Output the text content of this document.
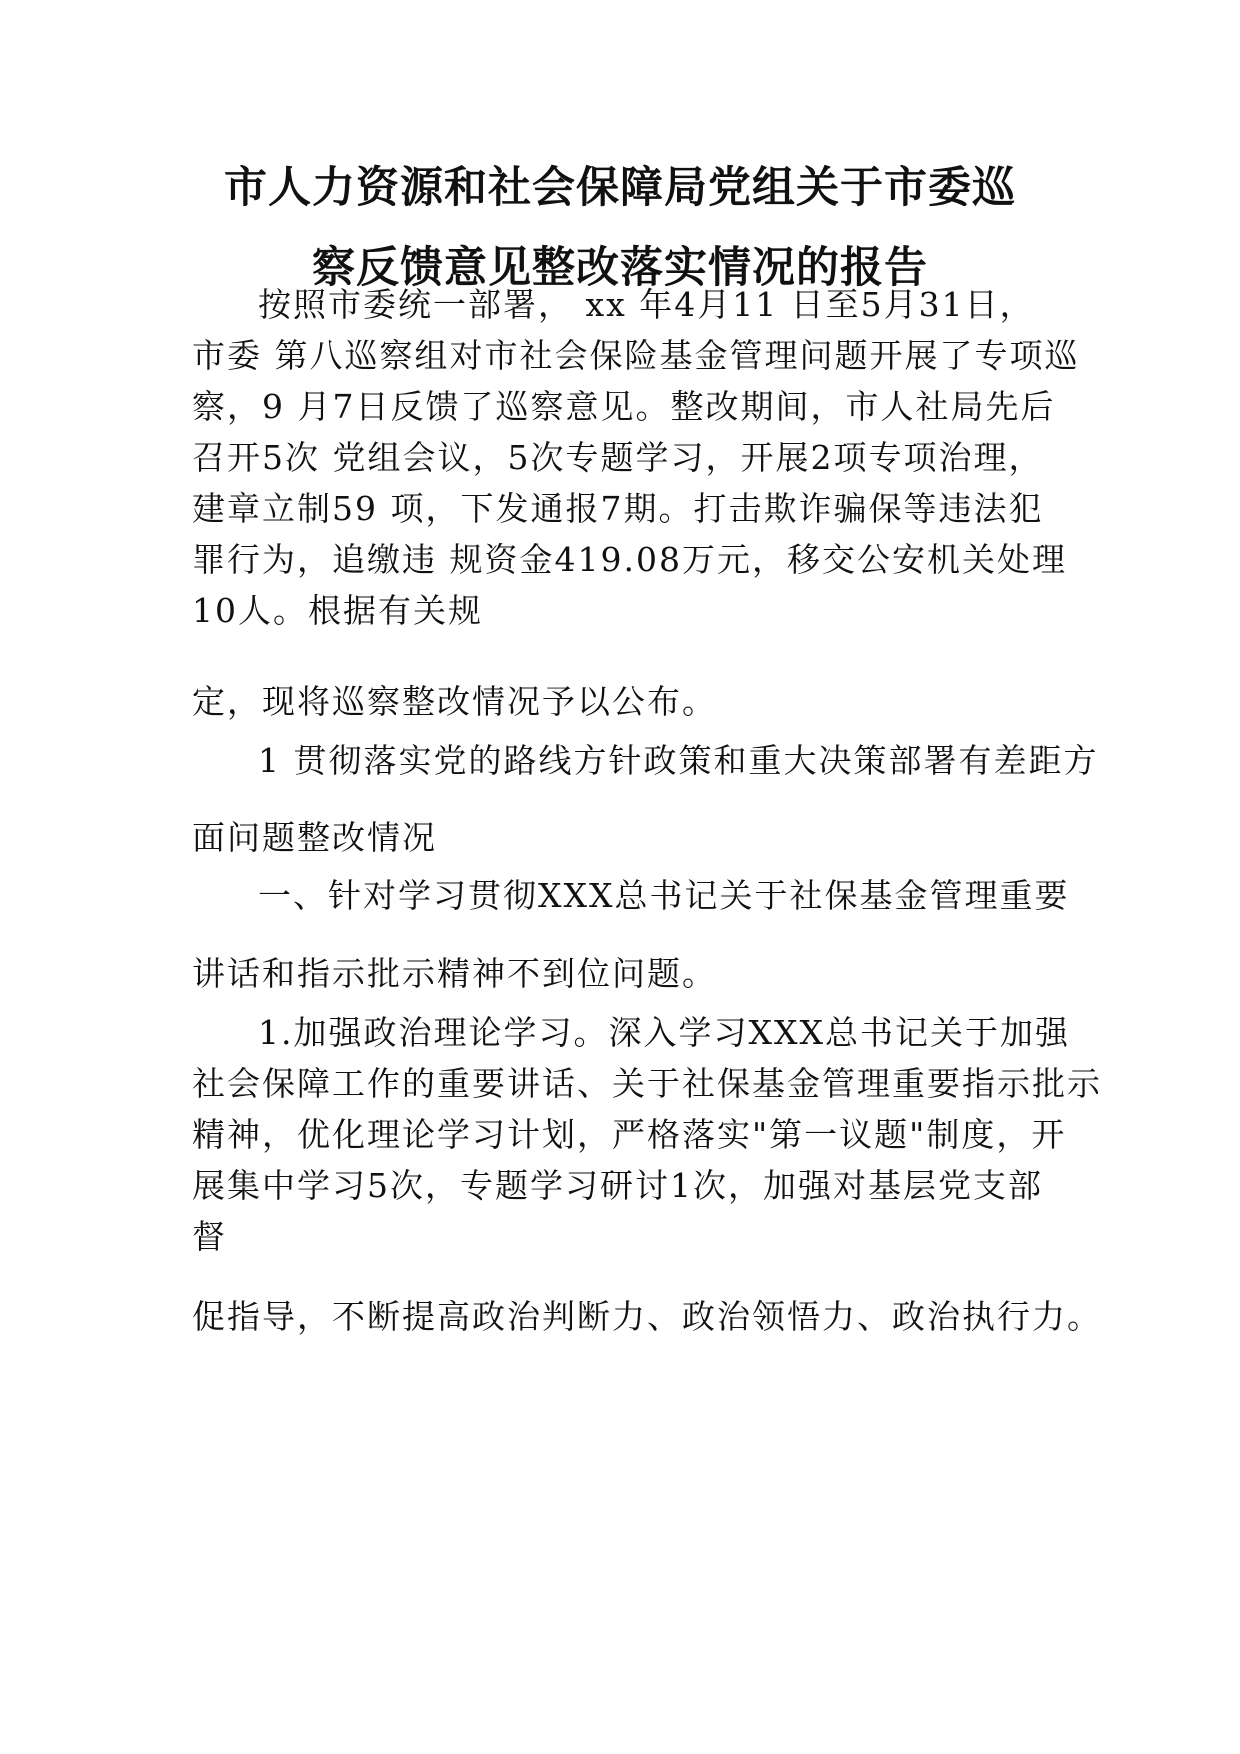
市人力资源和社会保障局党组关于市委巡
察反馈意见整改落实情况的报告
按照市委统一部署， xx 年4月11 日至5月31日，
市委 第八巡察组对市社会保险基金管理问题开展了专项巡
察，9 月7日反馈了巡察意见。整改期间，市人社局先后
召开5次 党组会议，5次专题学习，开展2项专项治理，
建章立制59 项，下发通报7期。打击欺诈骗保等违法犯
罪行为，追缴违 规资金419.08万元，移交公安机关处理
10人。根据有关规
定，现将巡察整改情况予以公布。
1 贯彻落实党的路线方针政策和重大决策部署有差距方
面问题整改情况
一、针对学习贯彻XXX总书记关于社保基金管理重要
讲话和指示批示精神不到位问题。
1.加强政治理论学习。深入学习XXX总书记关于加强
社会保障工作的重要讲话、关于社保基金管理重要指示批示
精神，优化理论学习计划，严格落实"第一议题"制度，开
展集中学习5次，专题学习研讨1次，加强对基层党支部
督
促指导，不断提高政治判断力、政治领悟力、政治执行力。
